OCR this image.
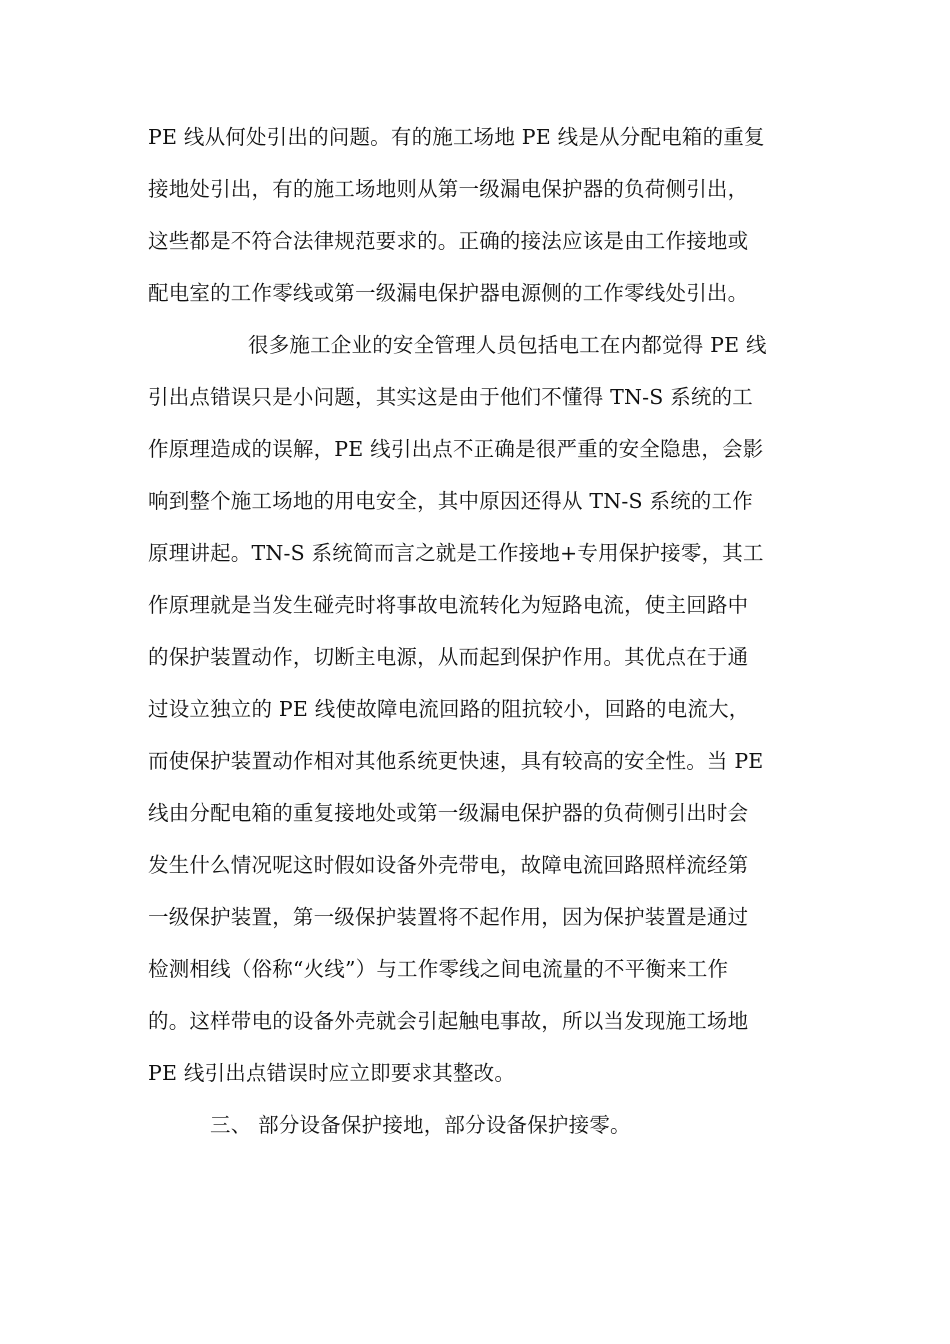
PE 线从何处引出的问题。有的施工场地 PE 线是从分配电箱的重复
接地处引出，有的施工场地则从第一级漏电保护器的负荷侧引出，
这些都是不符合法律规范要求的。正确的接法应该是由工作接地或
配电室的工作零线或第一级漏电保护器电源侧的工作零线处引出。
很多施工企业的安全管理人员包括电工在内都觉得 PE 线
引出点错误只是小问题，其实这是由于他们不懂得 TN-S 系统的工
作原理造成的误解，PE 线引出点不正确是很严重的安全隐患，会影
响到整个施工场地的用电安全，其中原因还得从 TN-S 系统的工作
原理讲起。TN-S 系统简而言之就是工作接地+专用保护接零，其工
作原理就是当发生碰壳时将事故电流转化为短路电流，使主回路中
的保护装置动作，切断主电源，从而起到保护作用。其优点在于通
过设立独立的 PE 线使故障电流回路的阻抗较小，回路的电流大，
而使保护装置动作相对其他系统更快速，具有较高的安全性。当 PE
线由分配电箱的重复接地处或第一级漏电保护器的负荷侧引出时会
发生什么情况呢这时假如设备外壳带电，故障电流回路照样流经第
一级保护装置，第一级保护装置将不起作用，因为保护装置是通过
检测相线（俗称“火线”）与工作零线之间电流量的不平衡来工作
的。这样带电的设备外壳就会引起触电事故，所以当发现施工场地
PE 线引出点错误时应立即要求其整改。
三、 部分设备保护接地，部分设备保护接零。
